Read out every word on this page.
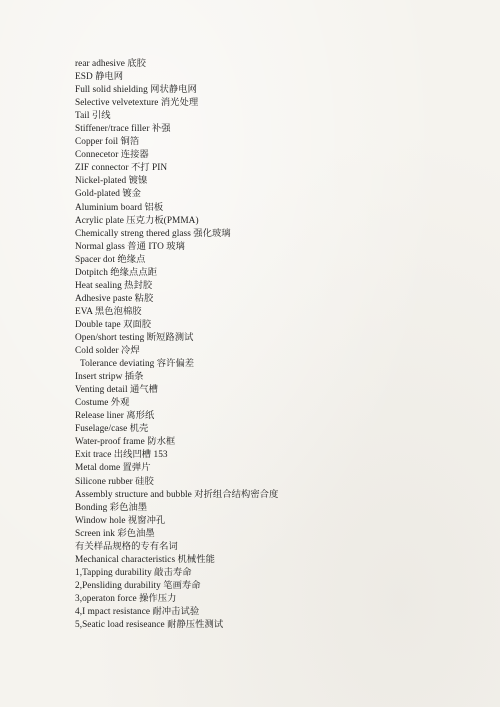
rear adhesive 底胶
ESD 静电网
Full solid shielding 网状静电网
Selective velvetexture 消光处理
Tail 引线
Stiffener/trace filler 补强
Copper foil 铜箔
Connecetor 连接器
ZIF connector 不打 PIN
Nickel-plated 镀镍
Gold-plated 镀金
Aluminium board 铝板
Acrylic plate 压克力板(PMMA)
Chemically streng thered glass 强化玻璃
Normal glass 普通 ITO 玻璃
Spacer dot 绝缘点
Dotpitch 绝缘点点距
Heat sealing 热封胶
Adhesive paste 粘胶
EVA 黑色泡棉胶
Double tape 双面胶
Open/short testing 断短路测试
Cold solder 冷焊
Tolerance deviating 容许偏差
Insert stripw 插条
Venting detail 通气槽
Costume 外观
Release liner 离形纸
Fuselage/case 机壳
Water-proof frame 防水框
Exit trace 出线凹槽 153
Metal dome 置弹片
Silicone rubber 硅胶
Assembly structure and bubble 对折组合结构密合度
Bonding 彩色油墨
Window hole 视窗冲孔
Screen ink 彩色油墨
有关样品规格的专有名词
Mechanical characteristics 机械性能
1,Tapping durability 敲击寿命
2,Pensliding durability 笔画寿命
3,operaton force 操作压力
4,I mpact resistance 耐冲击试验
5,Seatic load resiseance 耐静压性测试
